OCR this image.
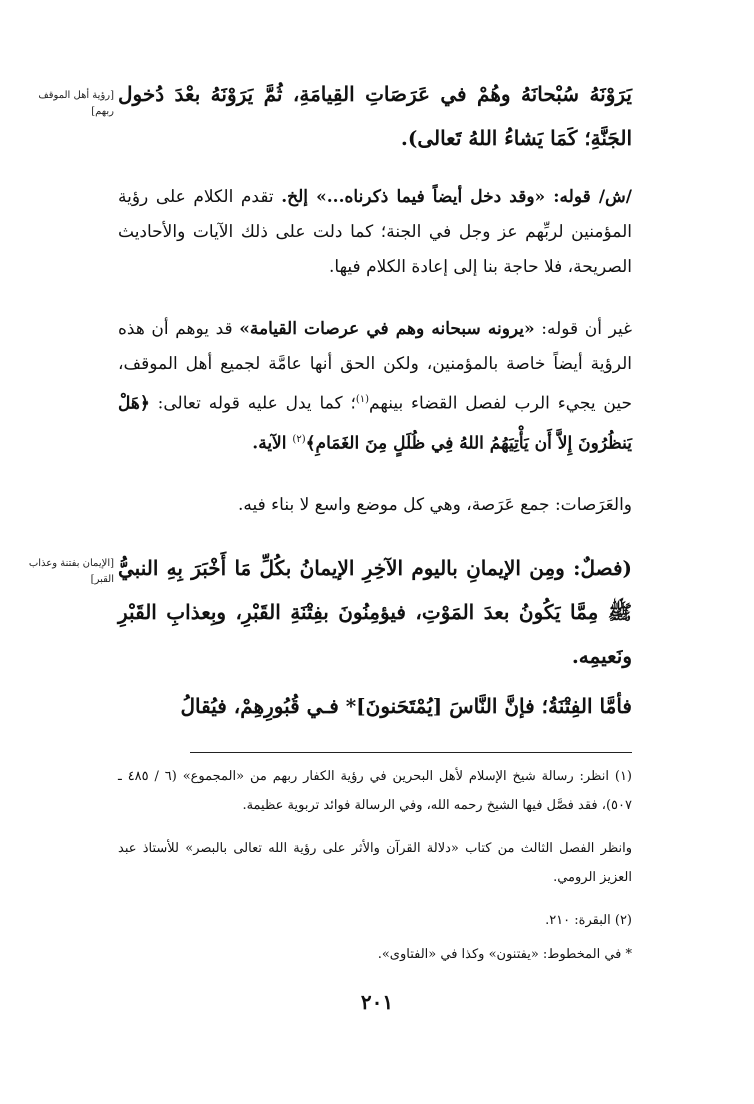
[رؤية أهل الموقف ربهم]
يَرَوْنَهُ سُبْحانَهُ وهُمْ في عَرَصَاتِ القِيامَةِ، ثُمَّ يَرَوْنَهُ بعْدَ دُخول الجَنَّةِ؛ كَمَا يَشاءُ اللهُ تَعالى).
/ش/ قوله: «وقد دخل أيضاً فيما ذكرناه...» إلخ. تقدم الكلام على رؤية المؤمنين لربِّهم عز وجل في الجنة؛ كما دلت على ذلك الآيات والأحاديث الصريحة، فلا حاجة بنا إلى إعادة الكلام فيها.
غير أن قوله: «يرونه سبحانه وهم في عرصات القيامة» قد يوهم أن هذه الرؤية أيضاً خاصة بالمؤمنين، ولكن الحق أنها عامَّة لجميع أهل الموقف، حين يجيء الرب لفصل القضاء بينهم$^{(١)}$؛ كما يدل عليه قوله تعالى: ﴿هَلْ يَنظُرُونَ إِلاَّ أَن يَأْتِيَهُمُ اللهُ فِي ظُلَلٍ مِنَ الغَمَامِ﴾$^{(٢)}$ الآية.
والعَرَصات: جمع عَرَصة، وهي كل موضع واسع لا بناء فيه.
[الإيمان بفتنة وعذاب القبر] (فصلٌ: ومِن الإيمانِ باليوم الآخِرِ الإيمانُ بكُلِّ مَا أَخْبَرَ بِهِ النبيُّ ﷺ مِمَّا يَكُونُ بعدَ المَوْتِ، فيؤمِنُونَ بفِتْنَةِ القَبْرِ، وبِعذابِ القَبْرِ ونَعيمِه.
فأمَّا الفِتْنَةُ؛ فإنَّ النَّاسَ [يُمْتَحَنونَ]* فـي قُبُورِهِمْ، فيُقالُ
(١) انظر: رسالة شيخ الإسلام لأهل البحرين في رؤية الكفار ربهم من «المجموع» (٦ / ٤٨٥ ـ ٥٠٧)، فقد فصَّل فيها الشيخ رحمه الله، وفي الرسالة فوائد تربوية عظيمة.
وانظر الفصل الثالث من كتاب «دلالة القرآن والأثر على رؤية الله تعالى بالبصر» للأستاذ عبد العزيز الرومي.
(٢) البقرة: ٢١٠.
* في المخطوط: «يفتنون» وكذا في «الفتاوى».
٢٠١
